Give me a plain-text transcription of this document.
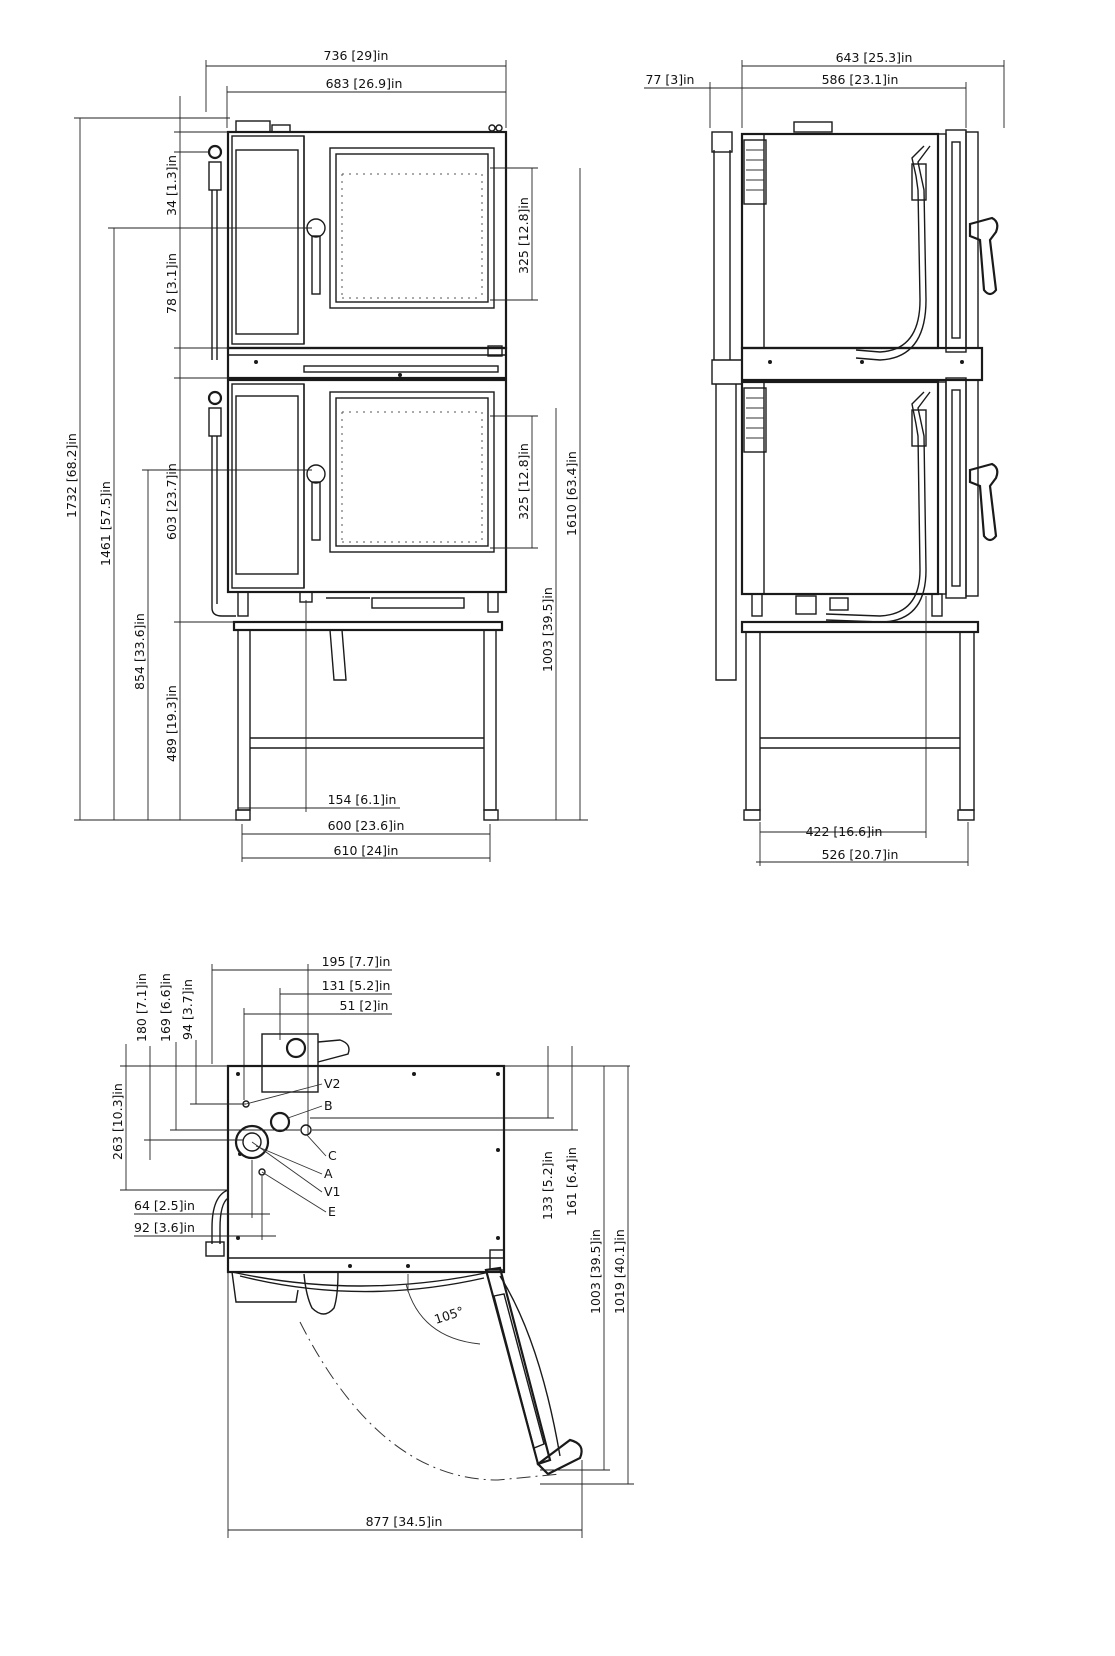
736 [29]in
683 [26.9]in
34 [1.3]in
78 [3.1]in
603 [23.7]in
489 [19.3]in
854 [33.6]in
1461 [57.5]in
1732 [68.2]in
325 [12.8]in
325 [12.8]in
1003 [39.5]in
1610 [63.4]in
154 [6.1]in
600 [23.6]in
610 [24]in
643 [25.3]in
77 [3]in	586 [23.1]in
422 [16.6]in
526 [20.7]in
195 [7.7]in
131 [5.2]in
51 [2]in
180 [7.1]in 169 [6.6]in 94 [3.7]in
263 [10.3]in
64 [2.5]in
92 [3.6]in
133 [5.2]in 161 [6.4]in
1003 [39.5]in 1019 [40.1]in
877 [34.5]in
105°
V2
B
C
A
V1
E
